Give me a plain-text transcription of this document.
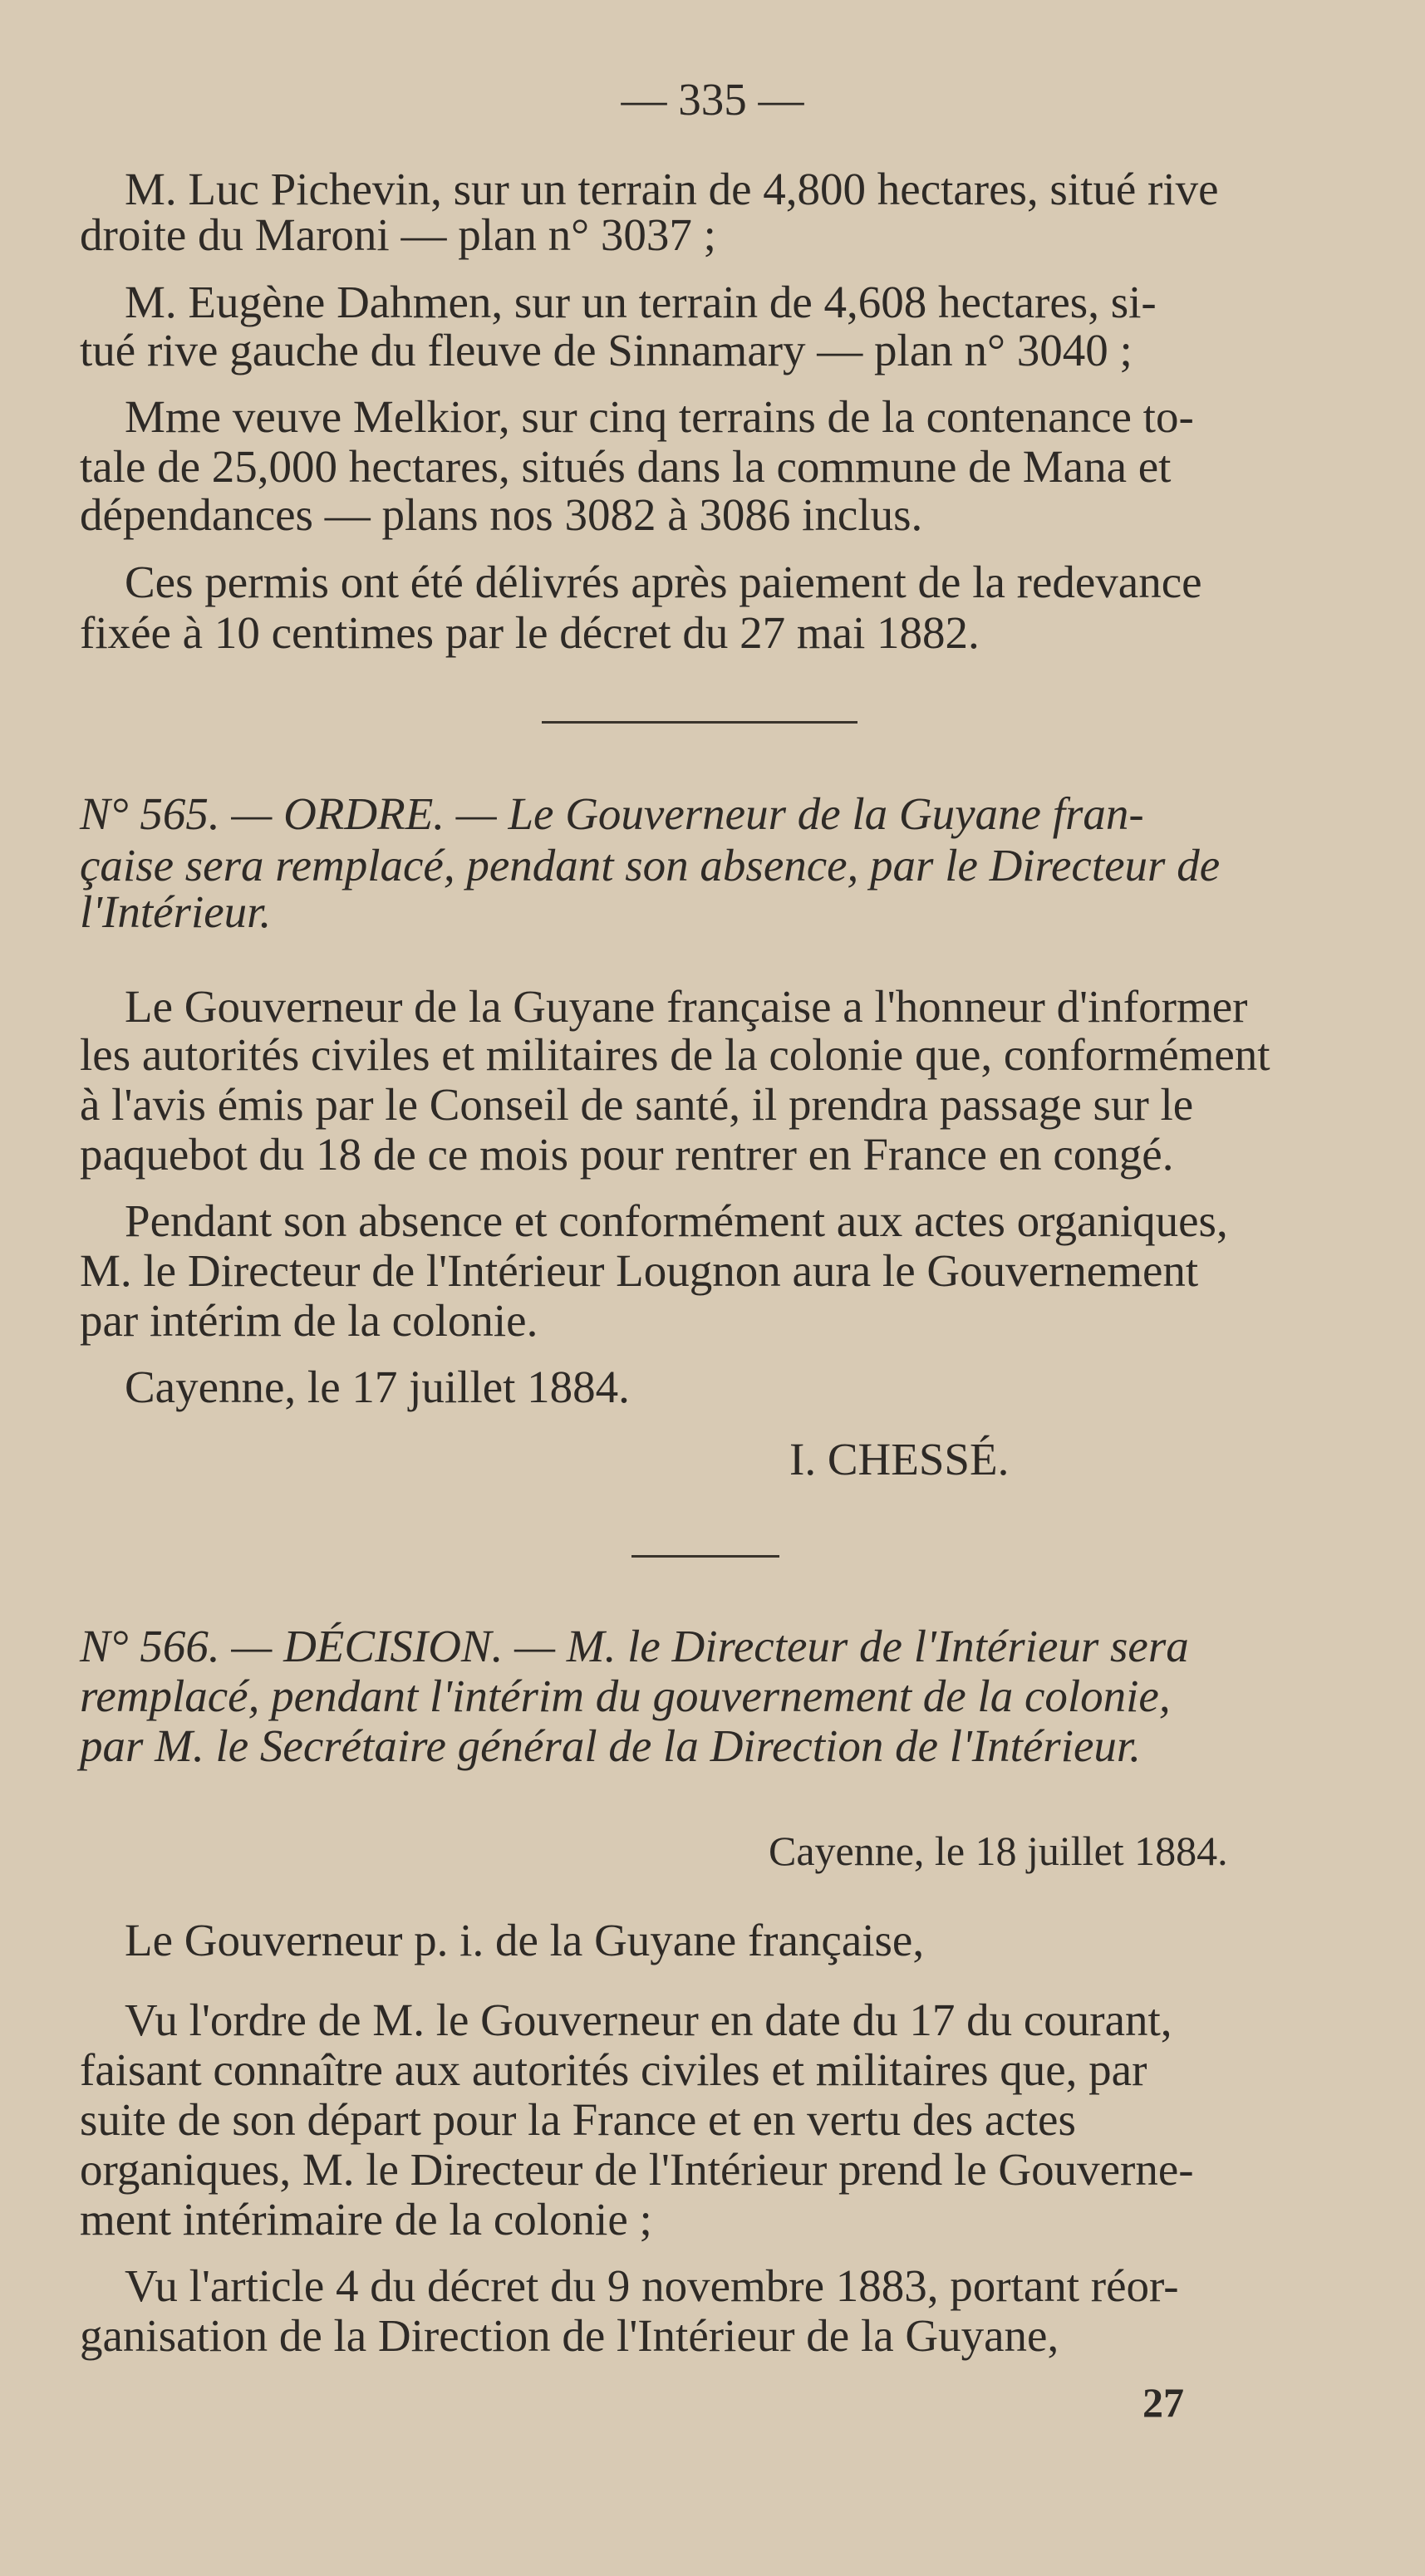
— 335 —
M. Luc Pichevin, sur un terrain de 4,800 hectares, situé rive
droite du Maroni — plan n° 3037 ;
M. Eugène Dahmen, sur un terrain de 4,608 hectares, si-
tué rive gauche du fleuve de Sinnamary — plan n° 3040 ;
Mme veuve Melkior, sur cinq terrains de la contenance to-
tale de 25,000 hectares, situés dans la commune de Mana et
dépendances — plans nos 3082 à 3086 inclus.
Ces permis ont été délivrés après paiement de la redevance
fixée à 10 centimes par le décret du 27 mai 1882.
N° 565. — ORDRE. — Le Gouverneur de la Guyane fran-
çaise sera remplacé, pendant son absence, par le Directeur de
l'Intérieur.
Le Gouverneur de la Guyane française a l'honneur d'informer
les autorités civiles et militaires de la colonie que, conformément
à l'avis émis par le Conseil de santé, il prendra passage sur le
paquebot du 18 de ce mois pour rentrer en France en congé.
Pendant son absence et conformément aux actes organiques,
M. le Directeur de l'Intérieur Lougnon aura le Gouvernement
par intérim de la colonie.
Cayenne, le 17 juillet 1884.
I. CHESSÉ.
N° 566. — DÉCISION. — M. le Directeur de l'Intérieur sera
remplacé, pendant l'intérim du gouvernement de la colonie,
par M. le Secrétaire général de la Direction de l'Intérieur.
Cayenne, le 18 juillet 1884.
Le Gouverneur p. i. de la Guyane française,
Vu l'ordre de M. le Gouverneur en date du 17 du courant,
faisant connaître aux autorités civiles et militaires que, par
suite de son départ pour la France et en vertu des actes
organiques, M. le Directeur de l'Intérieur prend le Gouverne-
ment intérimaire de la colonie ;
Vu l'article 4 du décret du 9 novembre 1883, portant réor-
ganisation de la Direction de l'Intérieur de la Guyane,
27
